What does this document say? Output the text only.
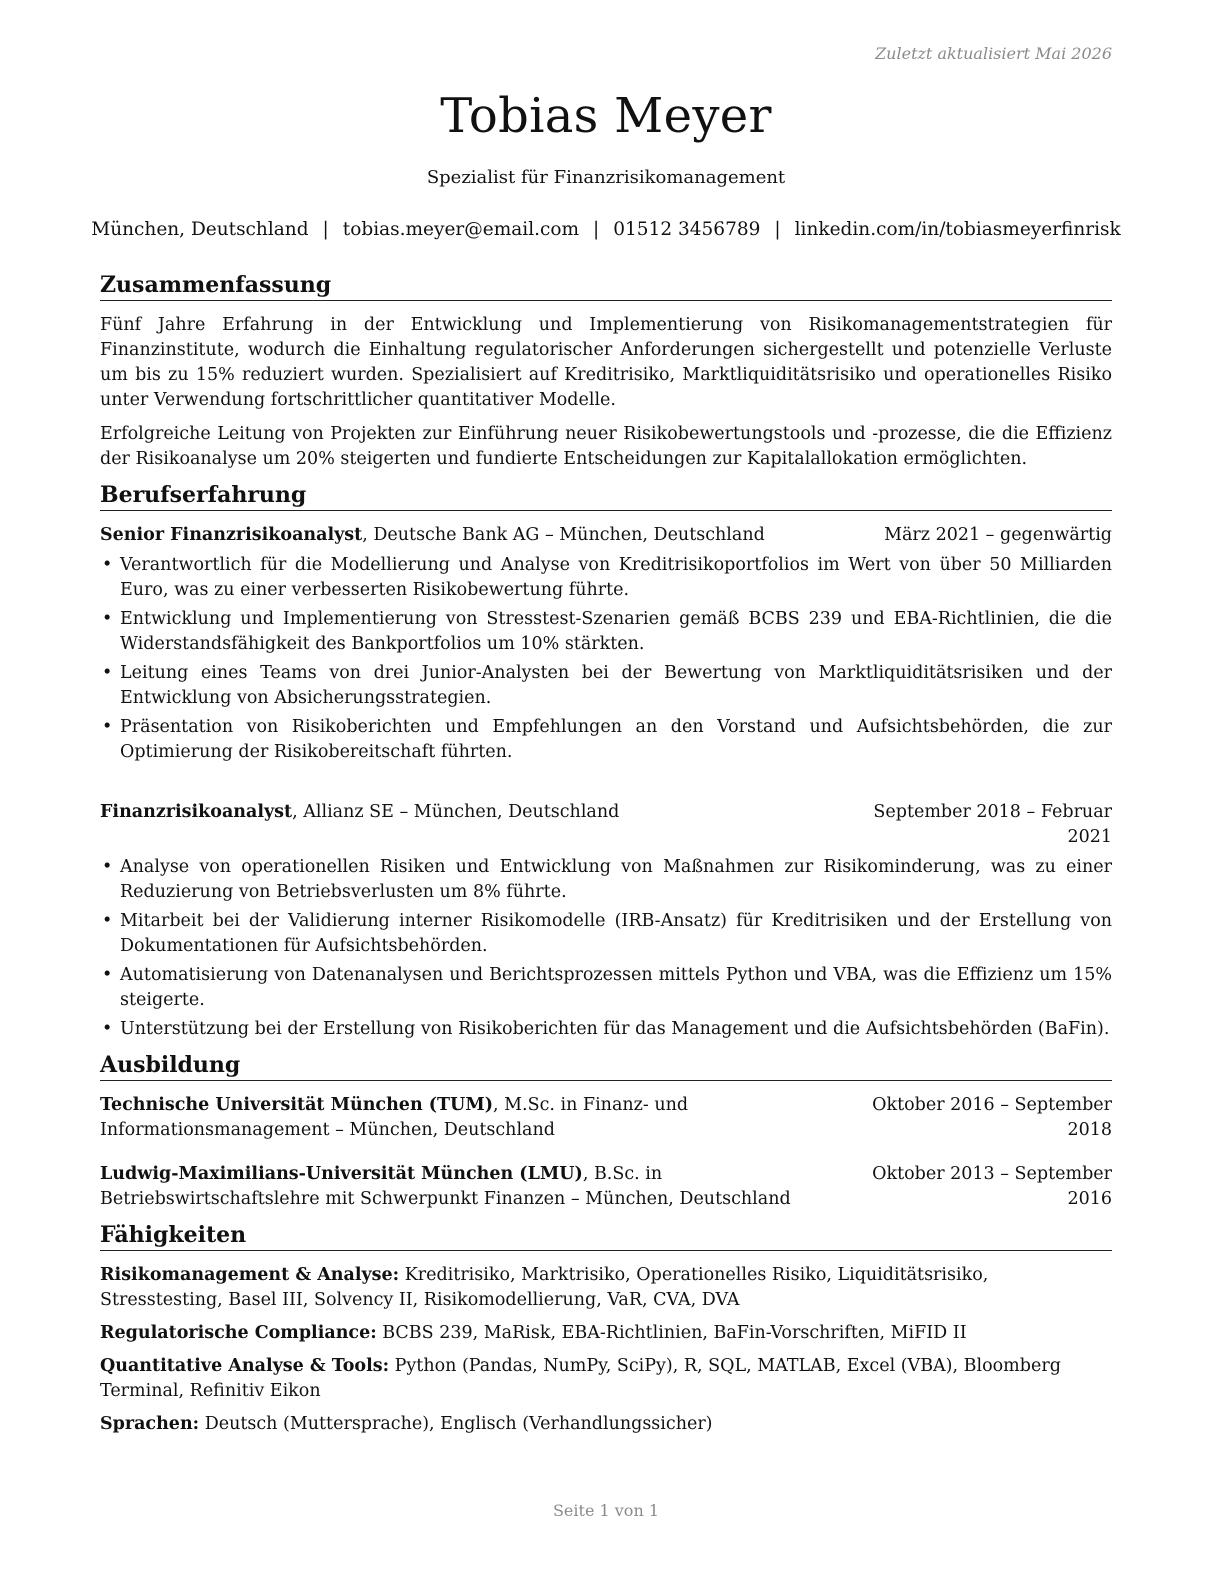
Zuletzt aktualisiert Mai 2026
Tobias Meyer
Spezialist für Finanzrisikomanagement
München, Deutschland | tobias.meyer@email.com | 01512 3456789 | linkedin.com/in/tobiasmeyerfinrisk
Zusammenfassung

Fünf Jahre Erfahrung in der Entwicklung und Implementierung von Risikomanagementstrategien für Finanzinstitute, wodurch die Einhaltung regulatorischer Anforderungen sichergestellt und potenzielle Verluste um bis zu 15% reduziert wurden. Spezialisiert auf Kreditrisiko, Marktliquiditätsrisiko und operationelles Risiko unter Verwendung fortschrittlicher quantitativer Modelle.

Erfolgreiche Leitung von Projekten zur Einführung neuer Risikobewertungstools und -prozesse, die die Effizienz der Risikoanalyse um 20% steigerten und fundierte Entscheidungen zur Kapitalallokation ermöglichten.

Berufserfahrung
Senior Finanzrisikoanalyst, Deutsche Bank AG – München, Deutschland	März 2021 – gegenwärtig
• Verantwortlich für die Modellierung und Analyse von Kreditrisikoportfolios im Wert von über 50 Milliarden Euro, was zu einer verbesserten Risikobewertung führte.
• Entwicklung und Implementierung von Stresstest-Szenarien gemäß BCBS 239 und EBA-Richtlinien, die die Widerstandsfähigkeit des Bankportfolios um 10% stärkten.
• Leitung eines Teams von drei Junior-Analysten bei der Bewertung von Marktliquiditätsrisiken und der Entwicklung von Absicherungsstrategien.
• Präsentation von Risikoberichten und Empfehlungen an den Vorstand und Aufsichtsbehörden, die zur Optimierung der Risikobereitschaft führten.
Finanzrisikoanalyst, Allianz SE – München, Deutschland	September 2018 – Februar 2021
• Analyse von operationellen Risiken und Entwicklung von Maßnahmen zur Risikominderung, was zu einer Reduzierung von Betriebsverlusten um 8% führte.
• Mitarbeit bei der Validierung interner Risikomodelle (IRB-Ansatz) für Kreditrisiken und der Erstellung von Dokumentationen für Aufsichtsbehörden.
• Automatisierung von Datenanalysen und Berichtsprozessen mittels Python und VBA, was die Effizienz um 15% steigerte.
• Unterstützung bei der Erstellung von Risikoberichten für das Management und die Aufsichtsbehörden (BaFin).
Ausbildung
Technische Universität München (TUM), M.Sc. in Finanz- und Informationsmanagement – München, Deutschland
Oktober 2016 – September 2018
Ludwig-Maximilians-Universität München (LMU), B.Sc. in Betriebswirtschaftslehre mit Schwerpunkt Finanzen – München, Deutschland
Oktober 2013 – September 2016
Fähigkeiten
Risikomanagement & Analyse: Kreditrisiko, Marktrisiko, Operationelles Risiko, Liquiditätsrisiko, Stresstesting, Basel III, Solvency II, Risikomodellierung, VaR, CVA, DVA
Regulatorische Compliance: BCBS 239, MaRisk, EBA-Richtlinien, BaFin-Vorschriften, MiFID II
Quantitative Analyse & Tools: Python (Pandas, NumPy, SciPy), R, SQL, MATLAB, Excel (VBA), Bloomberg Terminal, Refinitiv Eikon
Sprachen: Deutsch (Muttersprache), Englisch (Verhandlungssicher)
Seite 1 von 1
